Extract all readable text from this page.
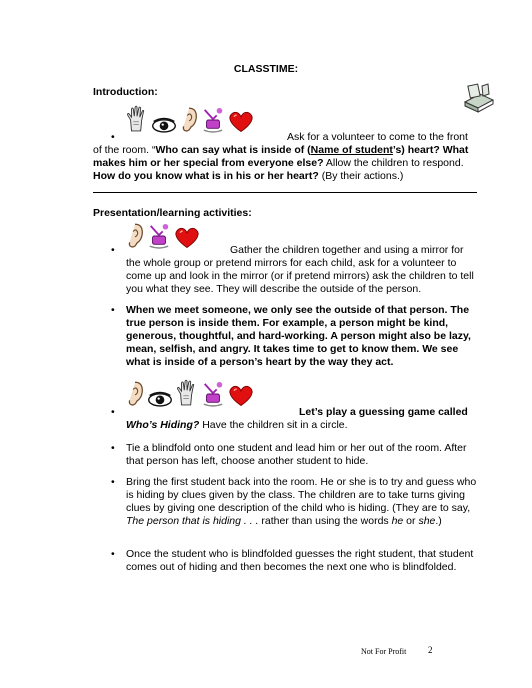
CLASSTIME:
Introduction:
•	Ask for a volunteer to come to the front of the room. “Who can say what is inside of (Name of student’s) heart? What makes him or her special from everyone else? Allow the children to respond. How do you know what is in his or her heart? (By their actions.)
Presentation/learning activities:
•	Gather the children together and using a mirror for the whole group or pretend mirrors for each child, ask for a volunteer to come up and look in the mirror (or if pretend mirrors) ask the children to tell you what they see. They will describe the outside of the person.
• When we meet someone, we only see the outside of that person. The true person is inside them. For example, a person might be kind, generous, thoughtful, and hard-working. A person might also be lazy, mean, selfish, and angry. It takes time to get to know them. We see what is inside of a person’s heart by the way they act.
•	Let’s play a guessing game called Who’s Hiding? Have the children sit in a circle.
• Tie a blindfold onto one student and lead him or her out of the room. After that person has left, choose another student to hide.
• Bring the first student back into the room. He or she is to try and guess who is hiding by clues given by the class. The children are to take turns giving clues by giving one description of the child who is hiding. (They are to say, The person that is hiding . . . rather than using the words he or she.)
• Once the student who is blindfolded guesses the right student, that student comes out of hiding and then becomes the next one who is blindfolded.
Not For Profit 2
